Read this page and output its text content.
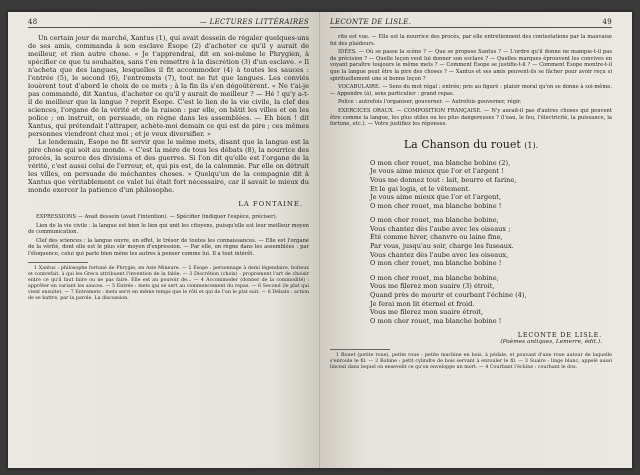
48	— LECTURES LITTÉRAIRES

Un certain jour de marché, Xantus (1), qui avait dessein de régaler quelques-uns de ses amis, commanda à son esclave Ésope (2) d'acheter ce qu'il y aurait de meilleur, et rien autre chose. « Je t'apprendrai, dit en soi-même le Phrygien, à spécifier ce que tu souhaites, sans t'en remettre à la discrétion (3) d'un esclave. » Il n'acheta que des langues, lesquelles il fit accommoder (4) à toutes les sauces : l'entrée (5), le second (6), l'entremets (7), tout ne fut que langues. Les conviés louèrent tout d'abord le choix de ce mets ; à la fin ils s'en dégoûtèrent. « Ne t'ai-je pas commandé, dit Xantus, d'acheter ce qu'il y aurait de meilleur ? — Hé ! qu'y a-t-il de meilleur que la langue ? reprit Ésope. C'est le lien de la vie civile, la clef des sciences, l'organe de la vérité et de la raison : par elle, on bâtit les villes et on les police ; on instruit, on persuade, on règne dans les assemblées. — Eh bien ! dit Xantus, qui prétendait l'attraper, achète-moi demain ce qui est de pire ; ces mêmes personnes viendront chez moi ; et je veux diversifier. »

Le lendemain, Ésope ne fit servir que le même mets, disant que la langue est la pire chose qui soit au monde. « C'est la mère de tous les débats (8), la nourrice des procès, la source des divisions et des guerres. Si l'on dit qu'elle est l'organe de la vérité, c'est aussi celui de l'erreur, et, qui pis est, de la calomnie. Par elle on détruit les villes, on persuade de méchantes choses. » Quelqu'un de la compagnie dit à Xantus que véritablement ce valet lui était fort nécessaire, car il savait le mieux du monde exercer la patience d'un philosophe.

LA FONTAINE.

EXPRESSIONS — Avait dessein (avait l'intention). — Spécifier (indiquer l'espèce, préciser).

Lien de la vie civile : la langue est bien le lien qui unit les citoyens, puisqu'elle est leur meilleur moyen de communication.

Clef des sciences : la langue ouvre, en effet, le trésor de toutes les connaissances. — Elle est l'organe de la vérité, dont elle est le plus sûr moyen d'expression. — Par elle, on règne dans les assemblées : par l'éloquence, celui qui parle bien mène les autres à penser comme lui. Il a tout intérêt.

1 Xantus : philosophe fortuné de Phrygie, en Asie Mineure. — 2 Ésope : personnage à demi légendaire, boiteux et contrefait, à qui les Grecs attribuent l'invention de la fable. — 3 Discrétion (choix) : proprement l'art de choisir entre ce qu'il faut faire ou ne pas faire. Elle est au pouvoir de... — 4 Accommoder (donner de la commodité) : apprêter en variant les sauces. — 5 Entrée : mets qui se sert au commencement du repas. — 6 Second (le plat qui vient ensuite). — 7 Entremets : mets servi en même temps que le rôti et qui de l'un le plat suit. — 8 Débats : action de se battre, par la parole. La discussion.

LECONTE DE LISLE.	49

rite est vue. — Elle est la nourrice des procès, par elle entretiennent des contestations par la mauvaise foi des plaideurs.

IDÉES. — Où se passe la scène ? — Que se propose Xantus ? — L'ordre qu'il donne ne manque-t-il pas de précision ? — Quelle leçon veut lui donner son esclave ? — Quelles marques éprouvent les convives en voyant paraître toujours le même mets ? — Comment Ésope se justifie-t-il ? — Comment Ésope montre-t-il que la langue peut être la pire des choses ? — Xantus et ses amis peuvent-ils se fâcher pour avoir reçu si spirituellement une si bonne leçon ?

VOCABULAIRE. — Sens du mot régal : entrée; pris au figuré : plaisir moral qu'on se donne à soi-même. — Appendre (à), sens particulier : grand repas.

Police : autrefois l'organiser, gouverner. — Autrefois gouverner, régir.

EXERCICES ORAUX. — COMPOSITION FRANÇAISE. — N'y aurait-il pas d'autres choses qui peuvent être comme la langue, les plus utiles ou les plus dangereuses ? (l'eau, le feu, l'électricité, la puissance, la fortune, etc.). — Votre justifiez les réponses.

La Chanson du rouet (1).
O mon cher rouet, ma blanche bobine (2),
Je vous aime mieux que l'or et l'argent !
Vous me donnez tout : lait, beurre et farine,
Et le gai logis, et le vêtement.
Je vous aime mieux que l'or et l'argent,
O mon cher rouet, ma blanche bobine !
O mon cher rouet, ma blanche bobine,
Vous chantez dès l'aube avec les oiseaux ;
Été comme hiver, chanvre ou laine fine,
Par vous, jusqu'au soir, charge les fuseaux.
Vous chantez dès l'aube avec les oiseaux,
O mon cher rouet, ma blanche bobine !
O mon cher rouet, ma blanche bobine,
Vous me filerez mon suaire (3) étroit,
Quand près de mourir et courbant l'échine (4),
Je ferai mon lit éternel et froid.
Vous me filerez mon suaire étroit,
O mon cher rouet, ma blanche bobine !
LECONTE DE LISLE.
(Poèmes antiques, Lemerre, édit.).

1 Rouet (petite roue), petite roue : petite machine en bois, à pédale, et pouvant d'une roue autour de laquelle s'enroule le fil. — 2 Bobine : petit cylindre de bois servant à enrouler le fil. — 3 Suaire : linge blanc, appelé aussi linceul dans lequel on ensevelit ce qu'on enveloppe un mort. — 4 Courbant l'échine : courbant le dos.
